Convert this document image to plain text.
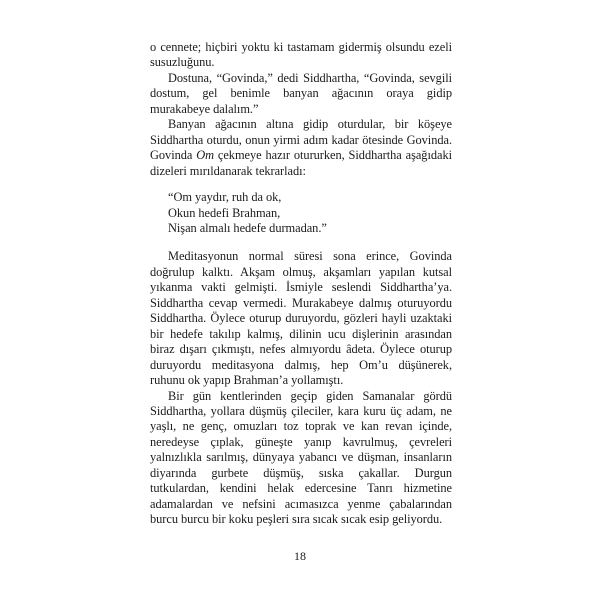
o cennete; hiçbiri yoktu ki tastamam gidermiş olsundu ezeli susuzluğunu.

Dostuna, “Govinda,” dedi Siddhartha, “Govinda, sevgili dostum, gel benimle banyan ağacının oraya gidip murakabeye dalalım.”

Banyan ağacının altına gidip oturdular, bir köşeye Siddhartha oturdu, onun yirmi adım kadar ötesinde Govinda. Govinda Om çekmeye hazır otururken, Siddhartha aşağıdaki dizeleri mırıldanarak tekrarladı:

“Om yaydır, ruh da ok,
Okun hedefi Brahman,
Nişan almalı hedefe durmadan.”

Meditasyonun normal süresi sona erince, Govinda doğrulup kalktı. Akşam olmuş, akşamları yapılan kutsal yıkanma vakti gelmişti. İsmiyle seslendi Siddhartha’ya. Siddhartha cevap vermedi. Murakabeye dalmış oturuyordu Siddhartha. Öylece oturup duruyordu, gözleri hayli uzaktaki bir hedefe takılıp kalmış, dilinin ucu dişlerinin arasından biraz dışarı çıkmıştı, nefes almıyordu âdeta. Öylece oturup duruyordu meditasyona dalmış, hep Om’u düşünerek, ruhunu ok yapıp Brahman’a yollamıştı.

Bir gün kentlerinden geçip giden Samanalar gördü Siddhartha, yollara düşmüş çileciler, kara kuru üç adam, ne yaşlı, ne genç, omuzları toz toprak ve kan revan içinde, neredeyse çıplak, güneşte yanıp kavrulmuş, çevreleri yalnızlıkla sarılmış, dünyaya yabancı ve düşman, insanların diyarında gurbete düşmüş, sıska çakallar. Durgun tutkulardan, kendini helak edercesine Tanrı hizmetine adamalardan ve nefsini acımasızca yenme çabalarından burcu burcu bir koku peşleri sıra sıcak sıcak esip geliyordu.

18
